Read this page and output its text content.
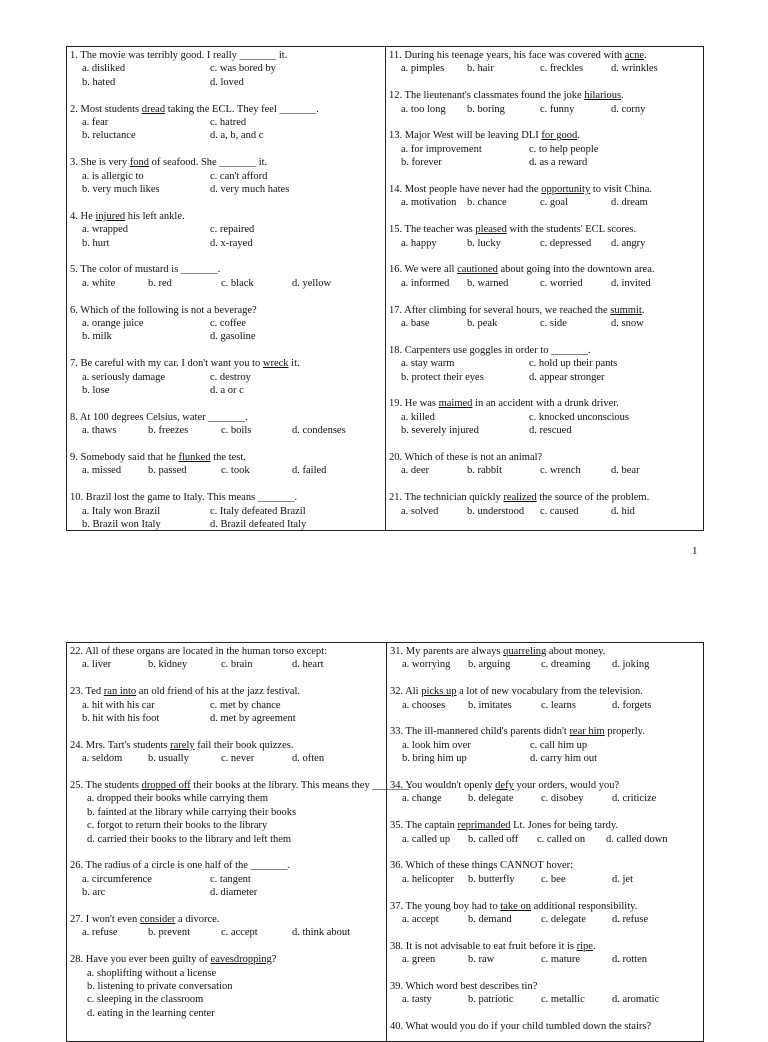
1. The movie was terribly good. I really _______ it.
a. disliked	c. was bored by
b. hated	d. loved
2. Most students dread taking the ECL. They feel _______.
a. fear	c. hatred
b. reluctance	d. a, b, and c
3. She is very fond of seafood. She _______ it.
a. is allergic to	c. can't afford
b. very much likes	d. very much hates
4. He injured his left ankle.
a. wrapped	c. repaired
b. hurt	d. x-rayed
5. The color of mustard is _______.
a. white	b. red	c. black	d. yellow
6. Which of the following is not a beverage?
a. orange juice	c. coffee
b. milk	d. gasoline
7. Be careful with my car. I don't want you to wreck it.
a. seriously damage	c. destroy
b. lose	d. a or c
8. At 100 degrees Celsius, water _______.
a. thaws	b. freezes	c. boils	d. condenses
9. Somebody said that he flunked the test.
a. missed	b. passed	c. took	d. failed
10. Brazil lost the game to Italy. This means _______.
a. Italy won Brazil	c. Italy defeated Brazil
b. Brazil won Italy	d. Brazil defeated Italy
11. During his teenage years, his face was covered with acne.
a. pimples	b. hair	c. freckles	d. wrinkles
12. The lieutenant's classmates found the joke hilarious.
a. too long	b. boring	c. funny	d. corny
13. Major West will be leaving DLI for good.
a. for improvement	c. to help people
b. forever	d. as a reward
14. Most people have never had the opportunity to visit China.
a. motivation	b. chance	c. goal	d. dream
15. The teacher was pleased with the students' ECL scores.
a. happy	b. lucky	c. depressed	d. angry
16. We were all cautioned about going into the downtown area.
a. informed	b. warned	c. worried	d. invited
17. After climbing for several hours, we reached the summit.
a. base	b. peak	c. side	d. snow
18. Carpenters use goggles in order to _______.
a. stay warm	c. hold up their pants
b. protect their eyes	d. appear stronger
19. He was maimed in an accident with a drunk driver.
a. killed	c. knocked unconscious
b. severely injured	d. rescued
20. Which of these is not an animal?
a. deer	b. rabbit	c. wrench	d. bear
21. The technician quickly realized the source of the problem.
a. solved	b. understood	c. caused	d. hid
1
22. All of these organs are located in the human torso except:
a. liver	b. kidney	c. brain	d. heart
23. Ted ran into an old friend of his at the jazz festival.
a. hit with his car	c. met by chance
b. hit with his foot	d. met by agreement
24. Mrs. Tart's students rarely fail their book quizzes.
a. seldom	b. usually	c. never	d. often
25. The students dropped off their books at the library. This means they _______.
a. dropped their books while carrying them
b. fainted at the library while carrying their books
c. forgot to return their books to the library
d. carried their books to the library and left them
26. The radius of a circle is one half of the _______.
a. circumference	c. tangent
b. arc	d. diameter
27. I won't even consider a divorce.
a. refuse	b. prevent	c. accept	d. think about
28. Have you ever been guilty of eavesdropping?
a. shoplifting without a license
b. listening to private conversation
c. sleeping in the classroom
d. eating in the learning center
31. My parents are always quarreling about money.
a. worrying	b. arguing	c. dreaming	d. joking
32. Ali picks up a lot of new vocabulary from the television.
a. chooses	b. imitates	c. learns	d. forgets
33. The ill-mannered child's parents didn't rear him properly.
a. look him over	c. call him up
b. bring him up	d. carry him out
34. You wouldn't openly defy your orders, would you?
a. change	b. delegate	c. disobey	d. criticize
35. The captain reprimanded Lt. Jones for being tardy.
a. called up	b. called off	c. called on	d. called down
36. Which of these things CANNOT hover:
a. helicopter	b. butterfly	c. bee	d. jet
37. The young boy had to take on additional responsibility.
a. accept	b. demand	c. delegate	d. refuse
38. It is not advisable to eat fruit before it is ripe.
a. green	b. raw	c. mature	d. rotten
39. Which word best describes tin?
a. tasty	b. patriotic	c. metallic	d. aromatic
40. What would you do if your child tumbled down the stairs?
